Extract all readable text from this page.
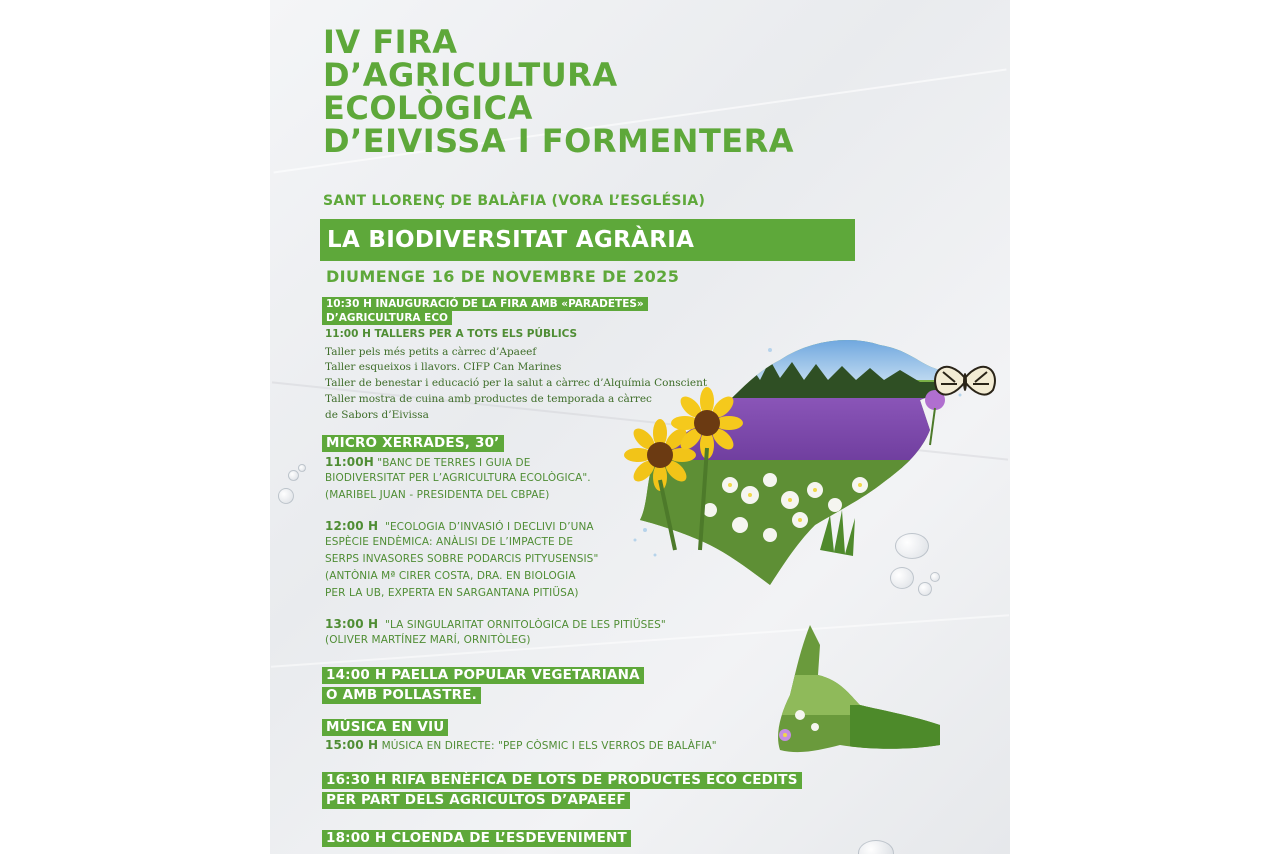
IV FIRA
D’AGRICULTURA
ECOLÒGICA
D’EIVISSA I FORMENTERA
SANT LLORENÇ DE BALÀFIA (VORA L’ESGLÉSIA)
LA BIODIVERSITAT AGRÀRIA
DIUMENGE 16 DE NOVEMBRE DE 2025
10:30 H INAUGURACIÓ DE LA FIRA AMB «PARADETES»
D’AGRICULTURA ECO
11:00 H TALLERS PER A TOTS ELS PÚBLICS
Taller pels més petits a càrrec d’Apaeef
Taller esqueixos i llavors. CIFP Can Marines
Taller de benestar i educació per la salut a càrrec d’Alquímia Conscient
Taller mostra de cuina amb productes de temporada a càrrec
de Sabors d’Eivissa
MICRO XERRADES, 30’
11:00H "BANC DE TERRES I GUIA DE
BIODIVERSITAT PER L’AGRICULTURA ECOLÒGICA".
(MARIBEL JUAN - PRESIDENTA DEL CBPAE)
12:00 H "ECOLOGIA D’INVASIÓ I DECLIVI D’UNA
ESPÈCIE ENDÈMICA: ANÀLISI DE L’IMPACTE DE
SERPS INVASORES SOBRE PODARCIS PITYUSENSIS"
(ANTÒNIA Mª CIRER COSTA, DRA. EN BIOLOGIA
PER LA UB, EXPERTA EN SARGANTANA PITIÜSA)
13:00 H "LA SINGULARITAT ORNITOLÒGICA DE LES PITIÜSES"
(OLIVER MARTÍNEZ MARÍ, ORNITÒLEG)
14:00 H PAELLA POPULAR VEGETARIANA
O AMB POLLASTRE.
MÚSICA EN VIU
15:00 H MÚSICA EN DIRECTE: "PEP CÒSMIC I ELS VERROS DE BALÀFIA"
16:30 H RIFA BENÈFICA DE LOTS DE PRODUCTES ECO CEDITS
PER PART DELS AGRICULTOS D’APAEEF
18:00 H CLOENDA DE L’ESDEVENIMENT
